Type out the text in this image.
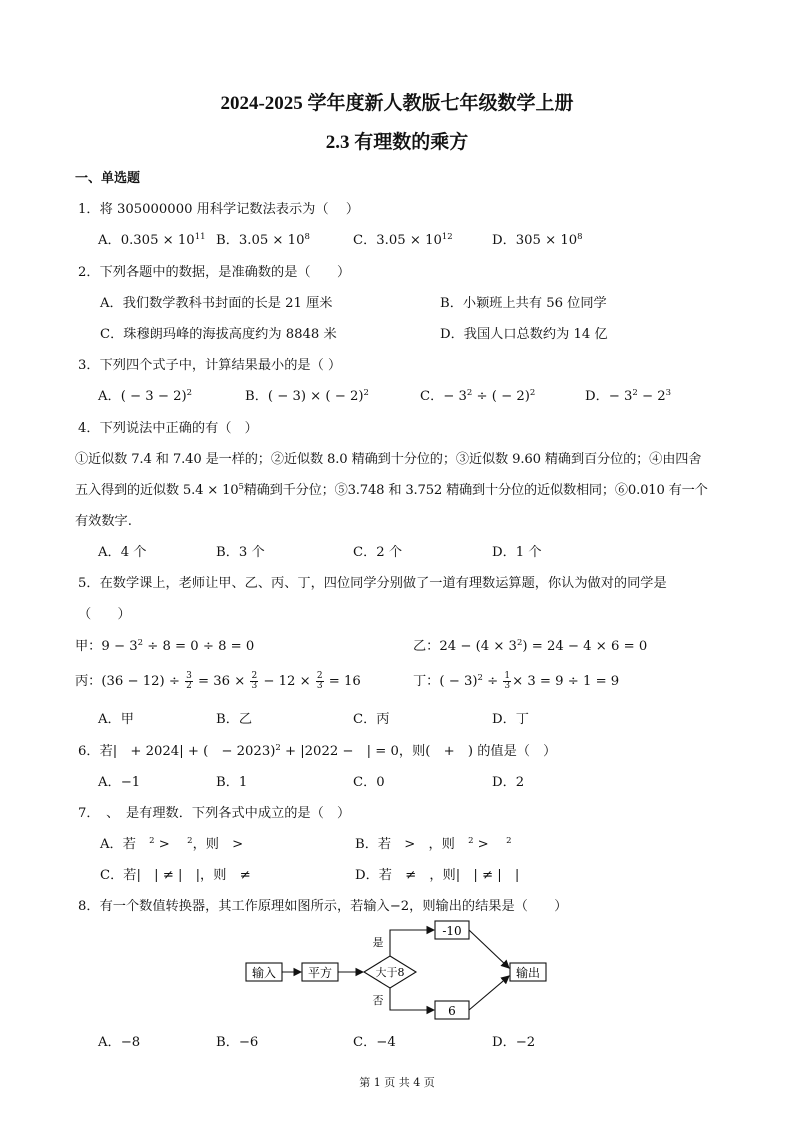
2024-2025 学年度新人教版七年级数学上册
2.3 有理数的乘方
一、单选题
1．将 305000000 用科学记数法表示为（　 ）
A．$0.305 \times 10^{11}$ B．$3.05 \times 10^8$	C．$3.05 \times 10^{12}$	D．$305 \times 10^8$
2．下列各题中的数据，是准确数的是（　　）
A．我们数学教科书封面的长是 21 厘米	B．小颖班上共有 56 位同学
C．珠穆朗玛峰的海拔高度约为 8848 米	D．我国人口总数约为 14 亿
3．下列四个式子中，计算结果最小的是（ ）
A．( − 3 − 2)$^2$	B．( − 3) × ( − 2)$^2$	C．− $3^2$ ÷ ( − 2)$^2$	D．− $3^2 - 2^3$
4．下列说法中正确的有（　）
①近似数 7.4 和 7.40 是一样的；②近似数 8.0 精确到十分位的；③近似数 9.60 精确到百分位的；④由四舍
五入得到的近似数 $5.4 \times 10^5$精确到千分位；⑤3.748 和 3.752 精确到十分位的近似数相同；⑥0.010 有一个
有效数字.
A．4 个	B．3 个	C．2 个	D．1 个
5．在数学课上，老师让甲、乙、丙、丁，四位同学分别做了一道有理数运算题，你认为做对的同学是
（　　）
甲：$9 - 3^2 \div 8 = 0 \div 8 = 0$	乙：$24 - (4 \times 3^2) = 24 - 4 \times 6 = 0$
丙：$(36 - 12) \div \frac{3}{2} = 36 \times \frac{2}{3} - 12 \times \frac{2}{3} = 16$	丁：( − $3)^2 \div \frac{1}{3} \times 3 = 9 \div 1 = 9$
A．甲	B．乙	C．丙	D．丁
6．若|　+ 2024| + (　− 2023)$^2$ + |2022 −　| = 0，则(　+　) 的值是（　）
A．−1	B．1	C．0	D．2
7．　、　是有理数．下列各式中成立的是（　）
A．若　$^2$ > 　$^2$，则　>	B．若　>　，则　$^2$ > 　$^2$
C．若|　| ≠ |　|，则　≠	D．若　≠　，则|　| ≠ |　|
8．有一个数值转换器，其工作原理如图所示，若输入−2，则输出的结果是（　　）
输入	平方	大于8
是
否
-10
6
输出
A．−8	B．−6	C．−4	D．−2
第 1 页 共 4 页
